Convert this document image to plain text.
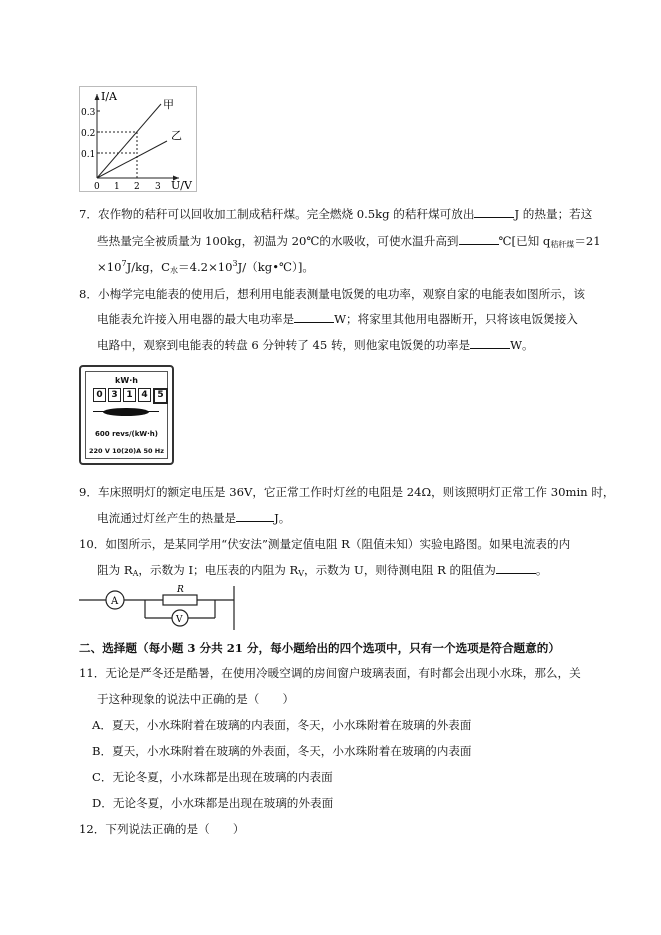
I/A
U/V
0.3
0.2
0.1
0 1 2 3
甲
乙
7．农作物的秸秆可以回收加工制成秸秆煤。完全燃烧 0.5kg 的秸秆煤可放出	J 的热量；若这
些热量完全被质量为 100kg，初温为 20℃的水吸收，可使水温升高到	℃[已知 $q_{秸秆煤}=21$
$\times 10^7J/kg$，$C_水=4.2\times 10^3J/(kg•℃)$]。
8．小梅学完电能表的使用后，想利用电能表测量电饭煲的电功率，观察自家的电能表如图所示，该
电能表允许接入用电器的最大电功率是	W；将家里其他用电器断开，只将该电饭煲接入
电路中，观察到电能表的转盘 6 分钟转了 45 转，则他家电饭煲的功率是	W。
kW·h
0 3 1 4	5
600 revs/(kW·h)
220 V 10(20)A 50 Hz
9．车床照明灯的额定电压是 36V，它正常工作时灯丝的电阻是 24Ω，则该照明灯正常工作 30min 时，
电流通过灯丝产生的热量是	J。
10．如图所示，是某同学用“伏安法”测量定值电阻 R（阻值未知）实验电路图。如果电流表的内
阻为 $R_A$，示数为 I；电压表的内阻为 $R_V$，示数为 U，则待测电阻 R 的阻值为	。
A
R
V
二、选择题（每小题 3 分共 21 分，每小题给出的四个选项中，只有一个选项是符合题意的）
11．无论是严冬还是酷暑，在使用冷暖空调的房间窗户玻璃表面，有时都会出现小水珠，那么，关
于这种现象的说法中正确的是（　　）
A．夏天，小水珠附着在玻璃的内表面，冬天，小水珠附着在玻璃的外表面
B．夏天，小水珠附着在玻璃的外表面，冬天，小水珠附着在玻璃的内表面
C．无论冬夏，小水珠都是出现在玻璃的内表面
D．无论冬夏，小水珠都是出现在玻璃的外表面
12．下列说法正确的是（　　）
